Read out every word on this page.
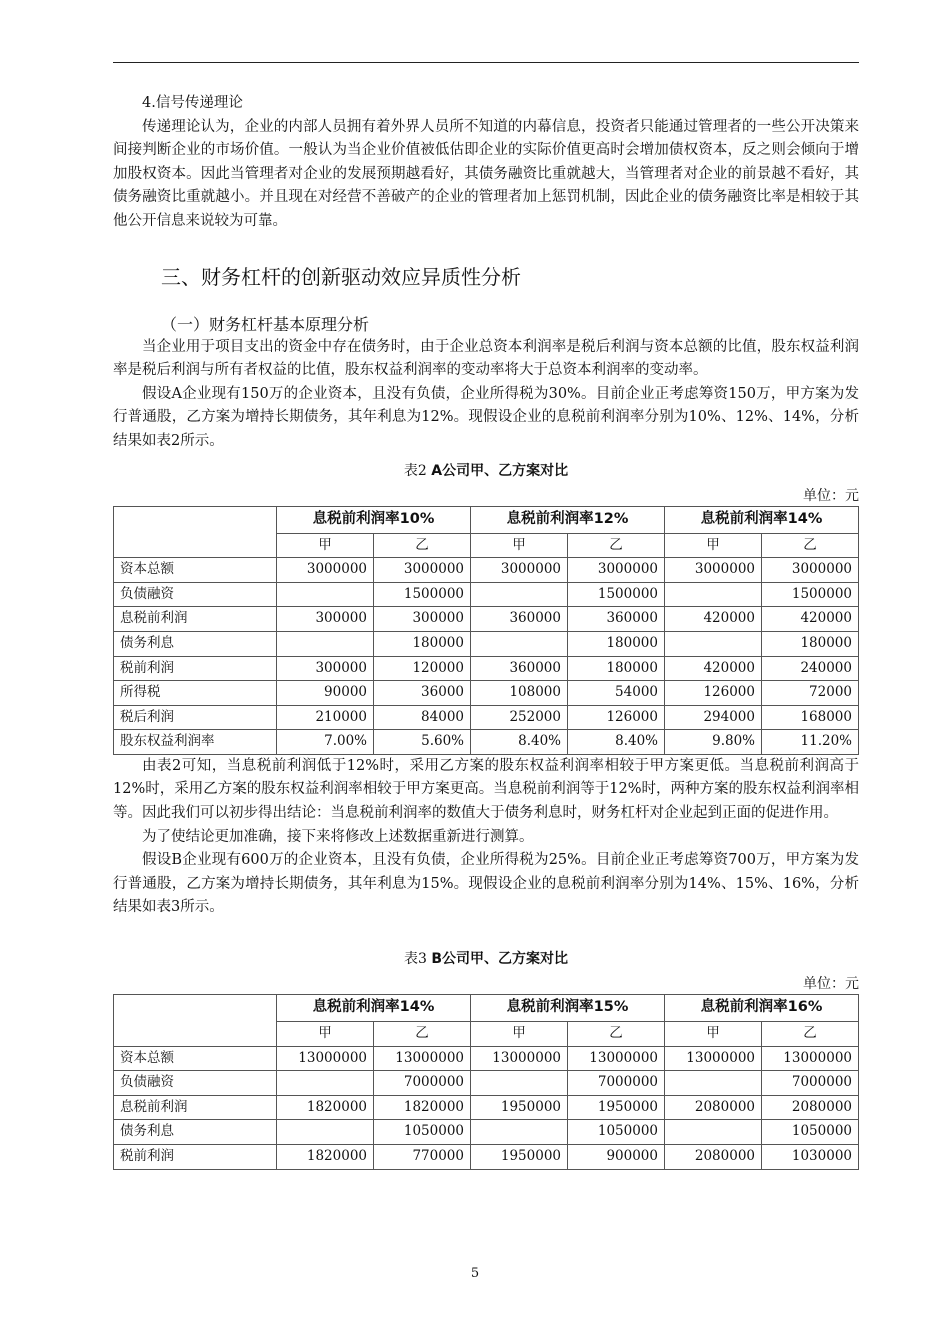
4.信号传递理论

传递理论认为，企业的内部人员拥有着外界人员所不知道的内幕信息，投资者只能通过管理者的一些公开决策来间接判断企业的市场价值。一般认为当企业价值被低估即企业的实际价值更高时会增加债权资本，反之则会倾向于增加股权资本。因此当管理者对企业的发展预期越看好，其债务融资比重就越大，当管理者对企业的前景越不看好，其债务融资比重就越小。并且现在对经营不善破产的企业的管理者加上惩罚机制，因此企业的债务融资比率是相较于其他公开信息来说较为可靠。

三、财务杠杆的创新驱动效应异质性分析
（一）财务杠杆基本原理分析

当企业用于项目支出的资金中存在债务时，由于企业总资本利润率是税后利润与资本总额的比值，股东权益利润率是税后利润与所有者权益的比值，股东权益利润率的变动率将大于总资本利润率的变动率。

假设A企业现有150万的企业资本，且没有负债，企业所得税为30%。目前企业正考虑筹资150万，甲方案为发行普通股，乙方案为增持长期债务，其年利息为12%。现假设企业的息税前利润率分别为10%、12%、14%，分析结果如表2所示。

表2 A公司甲、乙方案对比
单位：元
	息税前利润率10%		息税前利润率12%		息税前利润率14%	
	甲	乙	甲	乙	甲	乙
资本总额	3000000	3000000	3000000	3000000	3000000	3000000
负债融资		1500000		1500000		1500000
息税前利润	300000	300000	360000	360000	420000	420000
债务利息		180000		180000		180000
税前利润	300000	120000	360000	180000	420000	240000
所得税	90000	36000	108000	54000	126000	72000
税后利润	210000	84000	252000	126000	294000	168000
股东权益利润率	7.00%	5.60%	8.40%	8.40%	9.80%	11.20%

由表2可知，当息税前利润低于12%时，采用乙方案的股东权益利润率相较于甲方案更低。当息税前利润高于12%时，采用乙方案的股东权益利润率相较于甲方案更高。当息税前利润等于12%时，两种方案的股东权益利润率相等。因此我们可以初步得出结论：当息税前利润率的数值大于债务利息时，财务杠杆对企业起到正面的促进作用。

为了使结论更加准确，接下来将修改上述数据重新进行测算。

假设B企业现有600万的企业资本，且没有负债，企业所得税为25%。目前企业正考虑筹资700万，甲方案为发行普通股，乙方案为增持长期债务，其年利息为15%。现假设企业的息税前利润率分别为14%、15%、16%，分析结果如表3所示。

表3 B公司甲、乙方案对比
单位：元
	息税前利润率14%		息税前利润率15%		息税前利润率16%	
	甲	乙	甲	乙	甲	乙
资本总额	13000000	13000000	13000000	13000000	13000000	13000000
负债融资		7000000		7000000		7000000
息税前利润	1820000	1820000	1950000	1950000	2080000	2080000
债务利息		1050000		1050000		1050000
税前利润	1820000	770000	1950000	900000	2080000	1030000
5
